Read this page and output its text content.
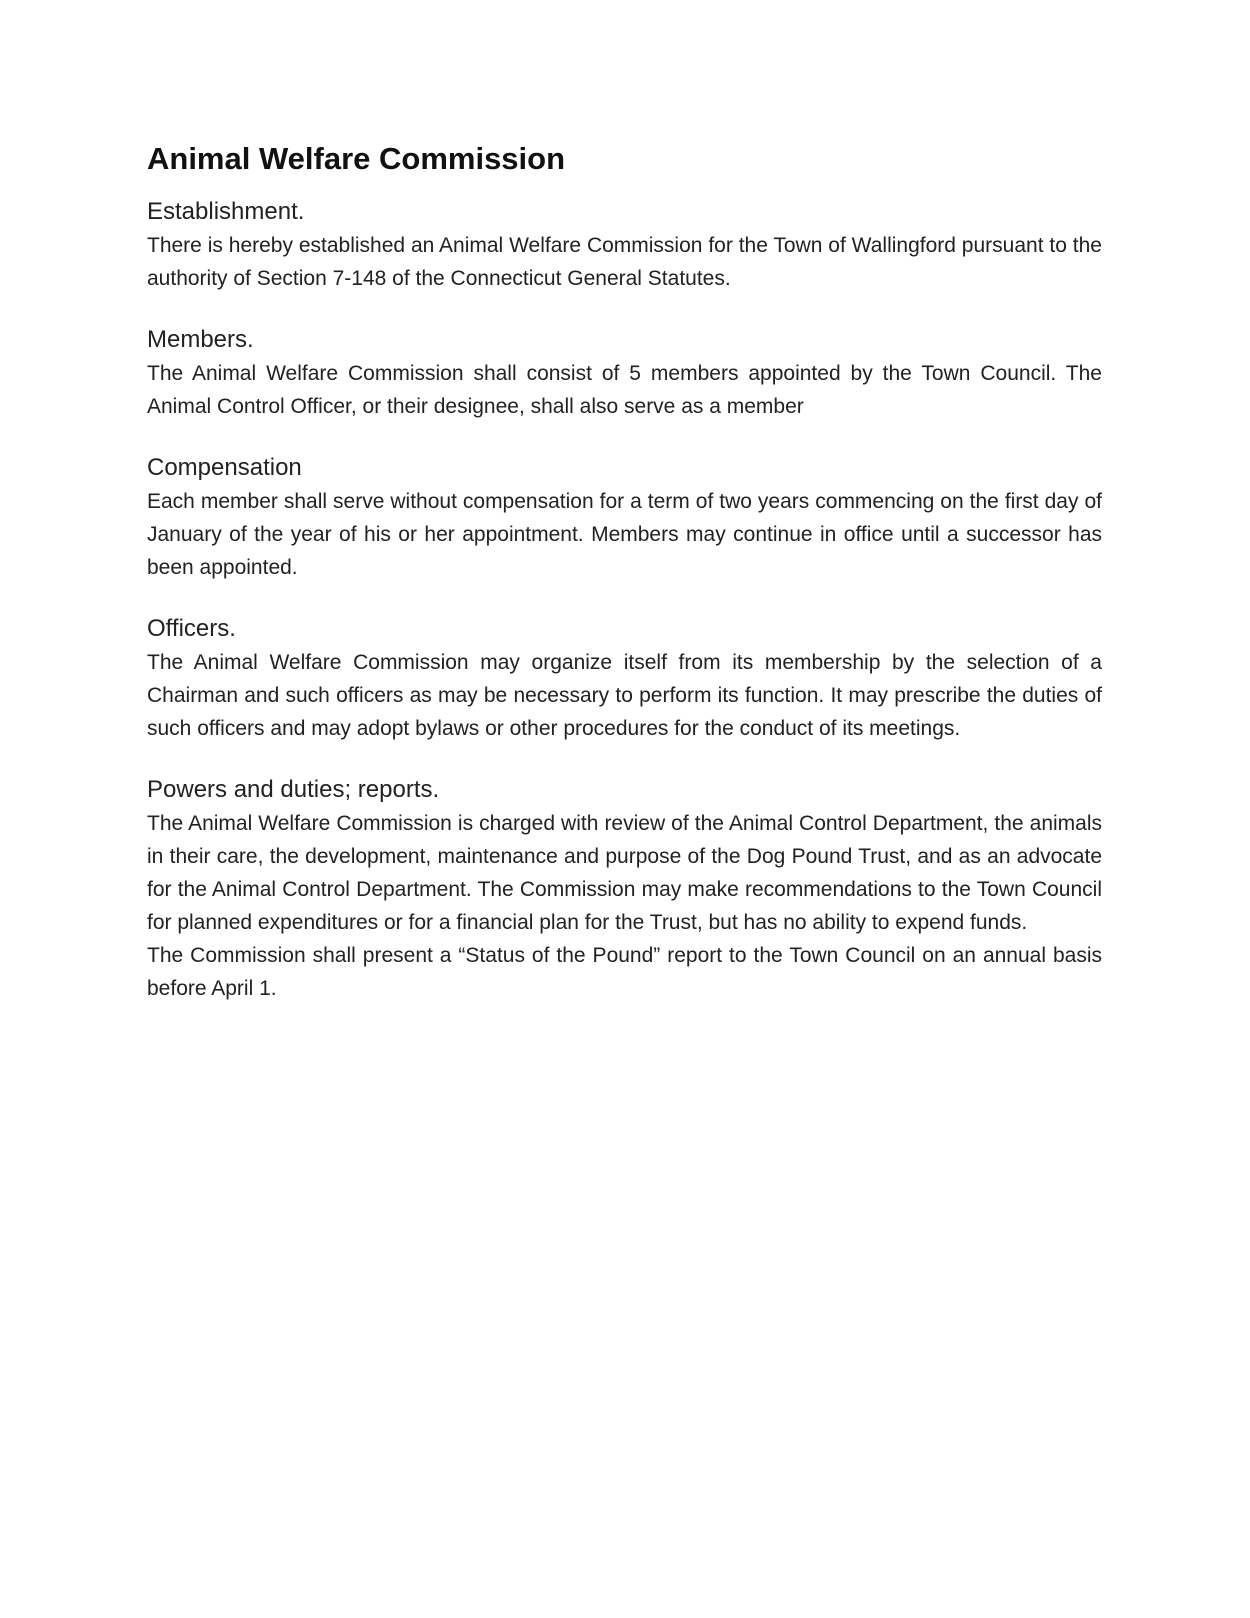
Animal Welfare Commission
Establishment.

There is hereby established an Animal Welfare Commission for the Town of Wallingford pursuant to the authority of Section 7-148 of the Connecticut General Statutes.

Members.

The Animal Welfare Commission shall consist of 5 members appointed by the Town Council. The Animal Control Officer, or their designee, shall also serve as a member

Compensation

Each member shall serve without compensation for a term of two years commencing on the first day of January of the year of his or her appointment. Members may continue in office until a successor has been appointed.

Officers.

The Animal Welfare Commission may organize itself from its membership by the selection of a Chairman and such officers as may be necessary to perform its function. It may prescribe the duties of such officers and may adopt bylaws or other procedures for the conduct of its meetings.

Powers and duties; reports.

The Animal Welfare Commission is charged with review of the Animal Control Department, the animals in their care, the development, maintenance and purpose of the Dog Pound Trust, and as an advocate for the Animal Control Department. The Commission may make recommendations to the Town Council for planned expenditures or for a financial plan for the Trust, but has no ability to expend funds.

The Commission shall present a “Status of the Pound” report to the Town Council on an annual basis before April 1.
